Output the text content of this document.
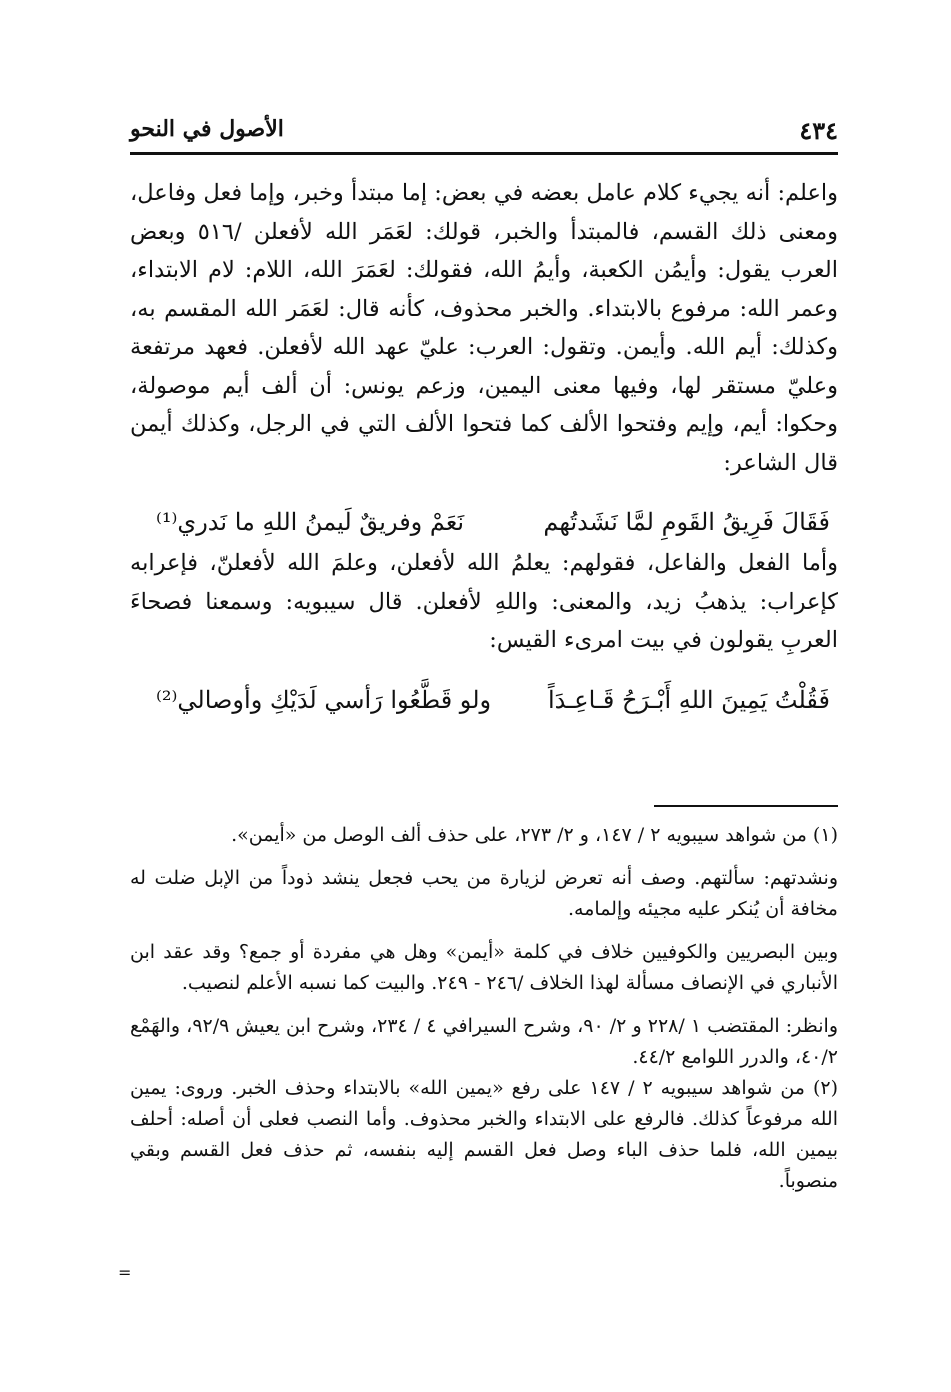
٤٣٤
الأصول في النحو

واعلم: أنه يجيء كلام عامل بعضه في بعض: إما مبتدأ وخبر، وإما فعل وفاعل، ومعنى ذلك القسم، فالمبتدأ والخبر، قولك: لعَمَر الله لأفعلن /٥١٦ وبعض العرب يقول: وأيمُن الكعبة، وأيمُ الله، فقولك: لعَمَرَ الله، اللام: لام الابتداء، وعمر الله: مرفوع بالابتداء. والخبر محذوف، كأنه قال: لعَمَر الله المقسم به، وكذلك: أيم الله. وأيمن. وتقول: العرب: عليّ عهد الله لأفعلن. فعهد مرتفعة وعليّ مستقر لها، وفيها معنى اليمين، وزعم يونس: أن ألف أيم موصولة، وحكوا: أيم، وإيم وفتحوا الألف كما فتحوا الألف التي في الرجل، وكذلك أيمن قال الشاعر:

فَقَالَ فَرِيقُ القَومِ لمَّا نَشَدتُهم
نَعَمْ وفريقٌ لَيمنُ اللهِ ما نَدري⁽¹⁾

وأما الفعل والفاعل، فقولهم: يعلمُ الله لأفعلن، وعلمَ الله لأفعلنّ، فإعرابه كإعراب: يذهبُ زيد، والمعنى: واللهِ لأفعلن. قال سيبويه: وسمعنا فصحاءَ العربِ يقولون في بيت امرىء القيس:

فَقُلْتُ يَمِينَ اللهِ أَبْـرَحُ قَـاعِـدَاً
ولو قَطَّعُوا رَأسي لَدَيْكِ وأوصالي⁽²⁾

(١) من شواهد سيبويه ٢ / ١٤٧، و ٢/ ٢٧٣، على حذف ألف الوصل من «أيمن».

ونشدتهم: سألتهم. وصف أنه تعرض لزيارة من يحب فجعل ينشد ذوداً من الإبل ضلت له مخافة أن يُنكر عليه مجيئه وإلمامه.

وبين البصريين والكوفيين خلاف في كلمة «أيمن» وهل هي مفردة أو جمع؟ وقد عقد ابن الأنباري في الإنصاف مسألة لهذا الخلاف /٢٤٦ - ٢٤٩. والبيت كما نسبه الأعلم لنصيب.

وانظر: المقتضب ١ /٢٢٨ و ٢/ ٩٠، وشرح السيرافي ٤ / ٢٣٤، وشرح ابن يعيش ٩٢/٩، والهَمْع ٤٠/٢، والدرر اللوامع ٤٤/٢.

(٢) من شواهد سيبويه ٢ / ١٤٧ على رفع «يمين الله» بالابتداء وحذف الخبر. وروى: يمين الله مرفوعاً كذلك. فالرفع على الابتداء والخبر محذوف. وأما النصب فعلى أن أصله: أحلف بيمين الله، فلما حذف الباء وصل فعل القسم إليه بنفسه، ثم حذف فعل القسم وبقي منصوباً.

=
